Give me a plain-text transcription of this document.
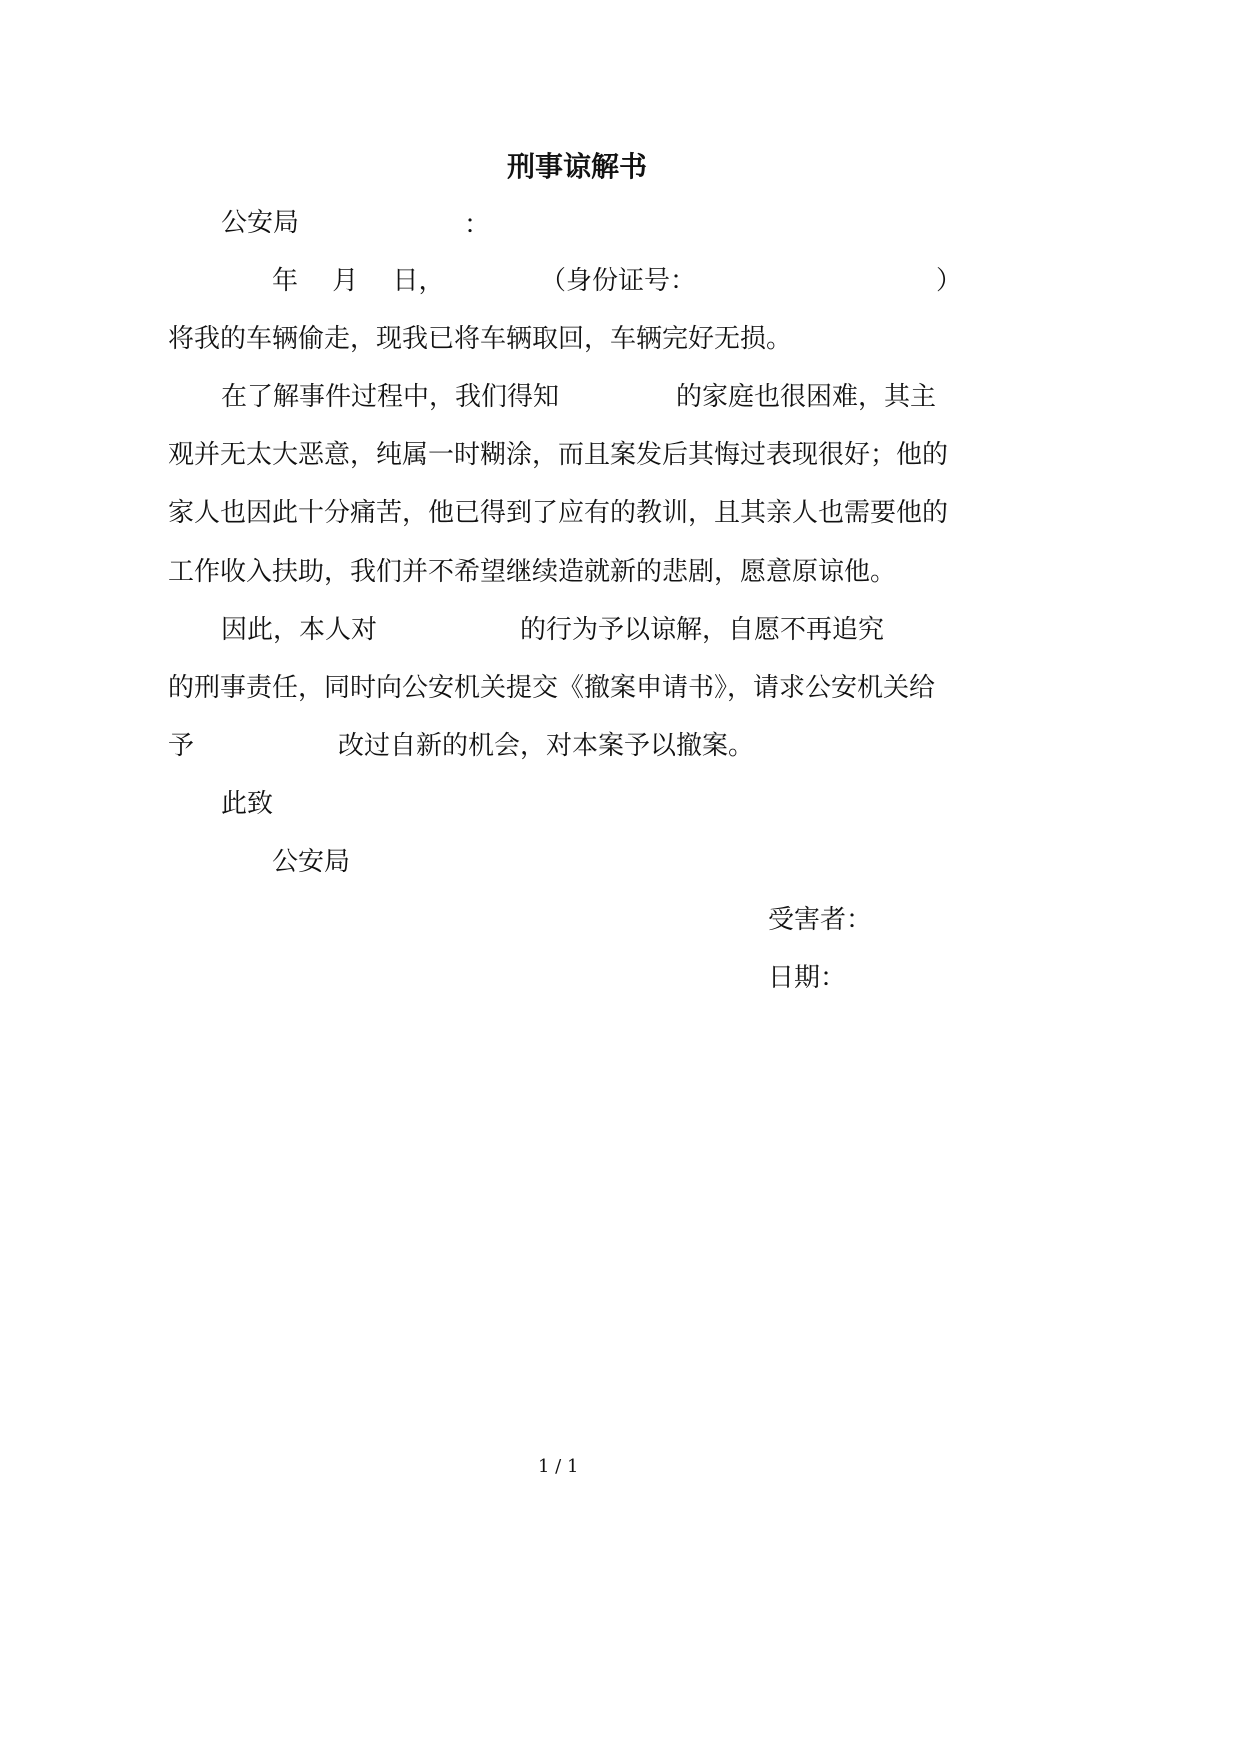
刑事谅解书
公安局	：
年　 月　 日，	（身份证号：	）
将我的车辆偷走，现我已将车辆取回，车辆完好无损。
在了解事件过程中，我们得知	的家庭也很困难，其主
观并无太大恶意，纯属一时糊涂，而且案发后其悔过表现很好；他的
家人也因此十分痛苦，他已得到了应有的教训，且其亲人也需要他的
工作收入扶助，我们并不希望继续造就新的悲剧，愿意原谅他。
因此，本人对	的行为予以谅解，自愿不再追究
的刑事责任，同时向公安机关提交《撤案申请书》，请求公安机关给
予	改过自新的机会，对本案予以撤案。
此致
公安局
受害者：
日期：
1 / 1
